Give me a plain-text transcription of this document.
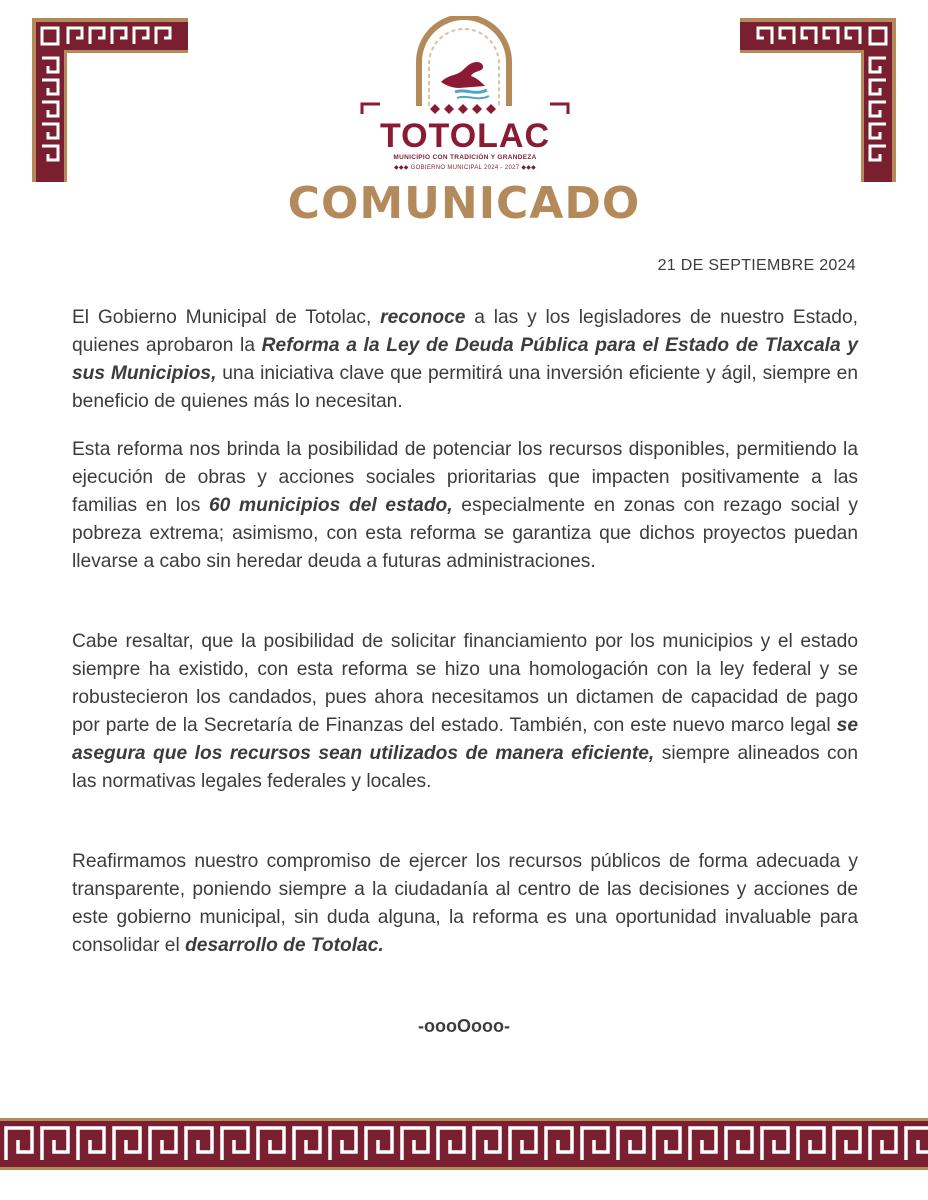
TOTOLAC
MUNICIPIO CON TRADICIÓN Y GRANDEZA
◆◆◆ GOBIERNO MUNICIPAL 2024 - 2027 ◆◆◆
COMUNICADO
21 DE SEPTIEMBRE 2024

El Gobierno Municipal de Totolac, reconoce a las y los legisladores de nuestro Estado, quienes aprobaron la Reforma a la Ley de Deuda Pública para el Estado de Tlaxcala y sus Municipios, una iniciativa clave que permitirá una inversión eficiente y ágil, siempre en beneficio de quienes más lo necesitan.

Esta reforma nos brinda la posibilidad de potenciar los recursos disponibles, permitiendo la ejecución de obras y acciones sociales prioritarias que impacten positivamente a las familias en los 60 municipios del estado, especialmente en zonas con rezago social y pobreza extrema; asimismo, con esta reforma se garantiza que dichos proyectos puedan llevarse a cabo sin heredar deuda a futuras administraciones.

Cabe resaltar, que la posibilidad de solicitar financiamiento por los municipios y el estado siempre ha existido, con esta reforma se hizo una homologación con la ley federal y se robustecieron los candados, pues ahora necesitamos un dictamen de capacidad de pago por parte de la Secretaría de Finanzas del estado. También, con este nuevo marco legal se asegura que los recursos sean utilizados de manera eficiente, siempre alineados con las normativas legales federales y locales.

Reafirmamos nuestro compromiso de ejercer los recursos públicos de forma adecuada y transparente, poniendo siempre a la ciudadanía al centro de las decisiones y acciones de este gobierno municipal, sin duda alguna, la reforma es una oportunidad invaluable para consolidar el desarrollo de Totolac.

-oooOooo-
